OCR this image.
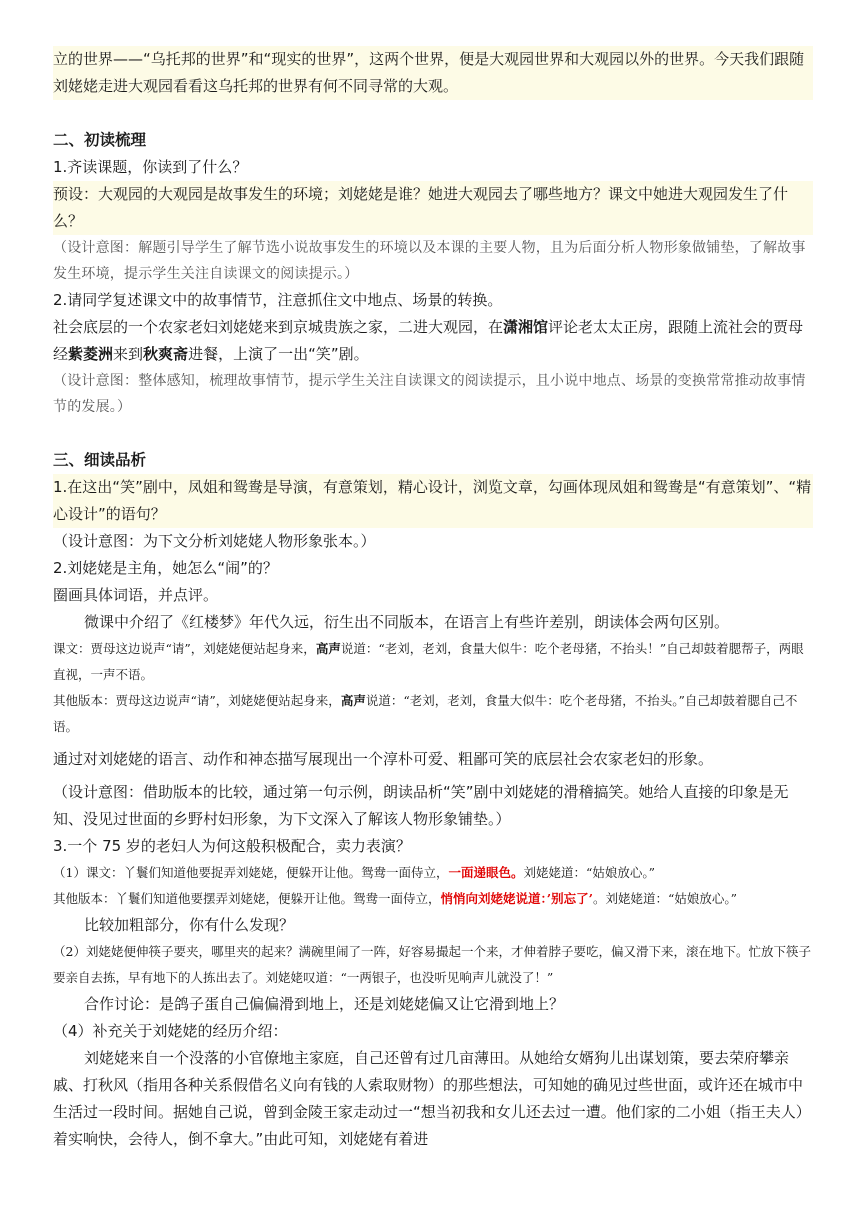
立的世界——“乌托邦的世界”和“现实的世界”，这两个世界，便是大观园世界和大观园以外的世界。今天我们跟随刘姥姥走进大观园看看这乌托邦的世界有何不同寻常的大观。

二、初读梳理

1.齐读课题，你读到了什么？

预设：大观园的大观园是故事发生的环境；刘姥姥是谁？她进大观园去了哪些地方？课文中她进大观园发生了什么？

（设计意图：解题引导学生了解节选小说故事发生的环境以及本课的主要人物，且为后面分析人物形象做铺垫，了解故事发生环境，提示学生关注自读课文的阅读提示。）

2.请同学复述课文中的故事情节，注意抓住文中地点、场景的转换。

社会底层的一个农家老妇刘姥姥来到京城贵族之家，二进大观园，在潇湘馆评论老太太正房，跟随上流社会的贾母经紫菱洲来到秋爽斋进餐，上演了一出“笑”剧。

（设计意图：整体感知，梳理故事情节，提示学生关注自读课文的阅读提示，且小说中地点、场景的变换常常推动故事情节的发展。）

三、细读品析

1.在这出“笑”剧中，凤姐和鸳鸯是导演，有意策划，精心设计，浏览文章，勾画体现凤姐和鸳鸯是“有意策划”、“精心设计”的语句？

（设计意图：为下文分析刘姥姥人物形象张本。）

2.刘姥姥是主角，她怎么“闹”的？

圈画具体词语，并点评。

微课中介绍了《红楼梦》年代久远，衍生出不同版本，在语言上有些许差别，朗读体会两句区别。

课文：贾母这边说声“请”，刘姥姥便站起身来，高声说道：“老刘，老刘，食量大似牛：吃个老母猪，不抬头！”自己却鼓着腮帮子，两眼直视，一声不语。

其他版本：贾母这边说声“请”，刘姥姥便站起身来，高声说道：“老刘，老刘，食量大似牛：吃个老母猪，不抬头。”自己却鼓着腮自己不语。

通过对刘姥姥的语言、动作和神态描写展现出一个淳朴可爱、粗鄙可笑的底层社会农家老妇的形象。

（设计意图：借助版本的比较，通过第一句示例，朗读品析“笑”剧中刘姥姥的滑稽搞笑。她给人直接的印象是无知、没见过世面的乡野村妇形象，为下文深入了解该人物形象铺垫。）

3.一个 75 岁的老妇人为何这般积极配合，卖力表演？

（1）课文：丫鬟们知道他要捉弄刘姥姥，便躲开让他。鸳鸯一面侍立，一面递眼色。刘姥姥道：“姑娘放心。”

其他版本：丫鬟们知道他要摆弄刘姥姥，便躲开让他。鸳鸯一面侍立，悄悄向刘姥姥说道：’别忘了’。刘姥姥道：“姑娘放心。”

比较加粗部分，你有什么发现？

（2）刘姥姥便伸筷子要夹，哪里夹的起来？满碗里闹了一阵，好容易撮起一个来，才伸着脖子要吃，偏又滑下来，滚在地下。忙放下筷子要亲自去拣，早有地下的人拣出去了。刘姥姥叹道：“一两银子，也没听见响声儿就没了！”

合作讨论：是鸽子蛋自己偏偏滑到地上，还是刘姥姥偏又让它滑到地上？

（4）补充关于刘姥姥的经历介绍：

刘姥姥来自一个没落的小官僚地主家庭，自己还曾有过几亩薄田。从她给女婿狗儿出谋划策，要去荣府攀亲戚、打秋风（指用各种关系假借名义向有钱的人索取财物）的那些想法，可知她的确见过些世面，或许还在城市中生活过一段时间。据她自己说，曾到金陵王家走动过一“想当初我和女儿还去过一遭。他们家的二小姐（指王夫人）着实响快，会待人，倒不拿大。”由此可知，刘姥姥有着进
